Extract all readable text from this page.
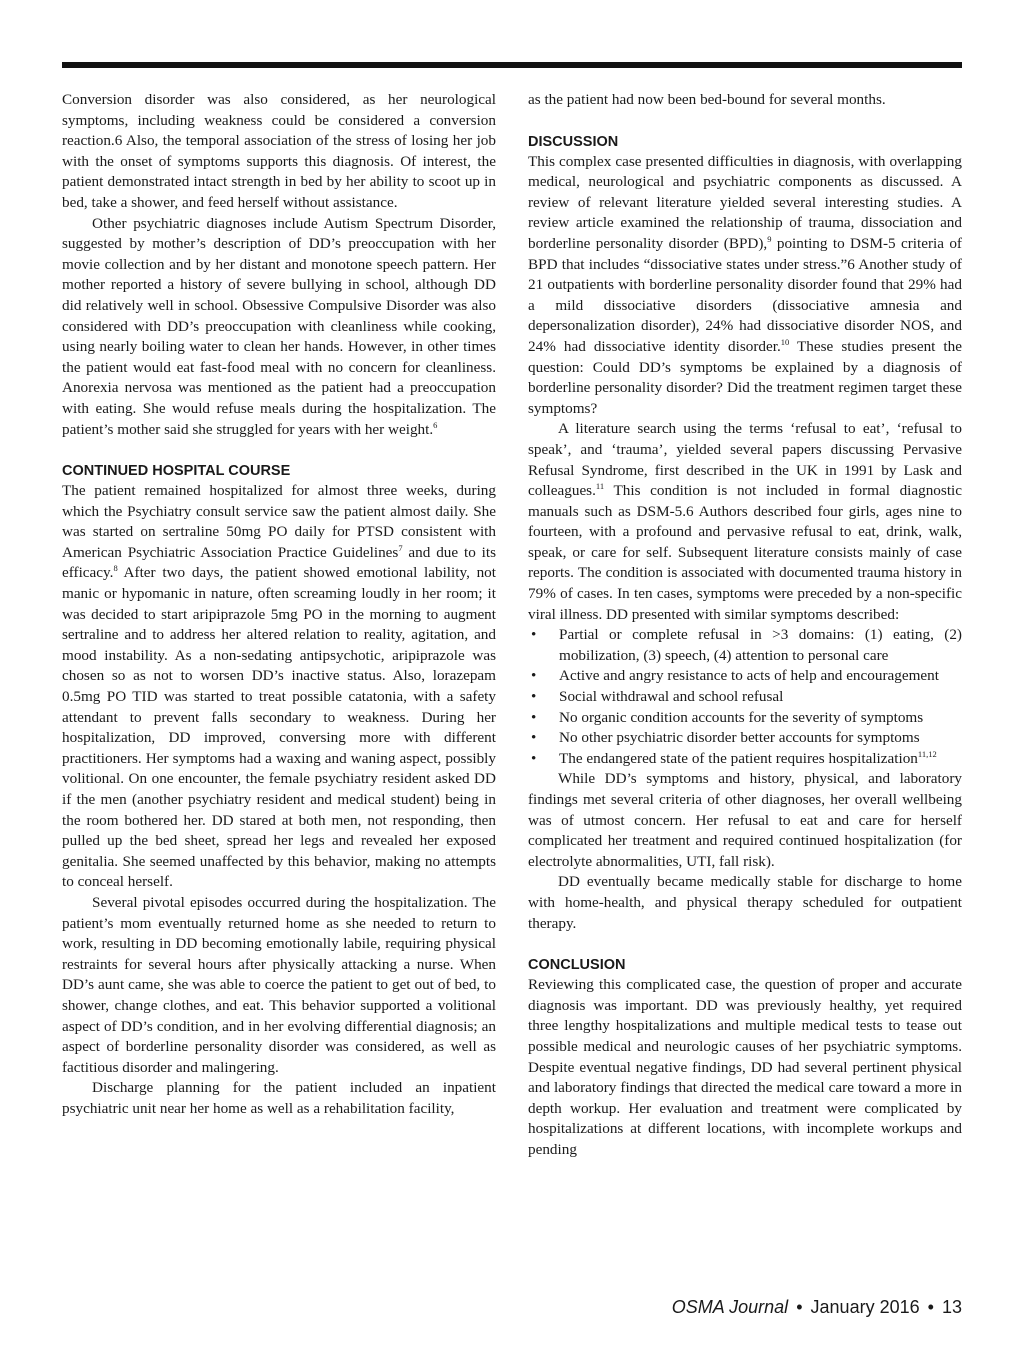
Conversion disorder was also considered, as her neurological symptoms, including weakness could be considered a conversion reaction.6 Also, the temporal association of the stress of losing her job with the onset of symptoms supports this diagnosis. Of interest, the patient demonstrated intact strength in bed by her ability to scoot up in bed, take a shower, and feed herself without assistance.

Other psychiatric diagnoses include Autism Spectrum Disorder, suggested by mother’s description of DD’s preoccupation with her movie collection and by her distant and monotone speech pattern. Her mother reported a history of severe bullying in school, although DD did relatively well in school. Obsessive Compulsive Disorder was also considered with DD’s preoccupation with cleanliness while cooking, using nearly boiling water to clean her hands. However, in other times the patient would eat fast-food meal with no concern for cleanliness. Anorexia nervosa was mentioned as the patient had a preoccupation with eating. She would refuse meals during the hospitalization. The patient’s mother said she struggled for years with her weight.$^6$

CONTINUED HOSPITAL COURSE

The patient remained hospitalized for almost three weeks, during which the Psychiatry consult service saw the patient almost daily. She was started on sertraline 50mg PO daily for PTSD consistent with American Psychiatric Association Practice Guidelines$^7$ and due to its efficacy.$^8$ After two days, the patient showed emotional lability, not manic or hypomanic in nature, often screaming loudly in her room; it was decided to start aripiprazole 5mg PO in the morning to augment sertraline and to address her altered relation to reality, agitation, and mood instability. As a non-sedating antipsychotic, aripiprazole was chosen so as not to worsen DD’s inactive status. Also, lorazepam 0.5mg PO TID was started to treat possible catatonia, with a safety attendant to prevent falls secondary to weakness. During her hospitalization, DD improved, conversing more with different practitioners. Her symptoms had a waxing and waning aspect, possibly volitional. On one encounter, the female psychiatry resident asked DD if the men (another psychiatry resident and medical student) being in the room bothered her. DD stared at both men, not responding, then pulled up the bed sheet, spread her legs and revealed her exposed genitalia. She seemed unaffected by this behavior, making no attempts to conceal herself.

Several pivotal episodes occurred during the hospitalization. The patient’s mom eventually returned home as she needed to return to work, resulting in DD becoming emotionally labile, requiring physical restraints for several hours after physically attacking a nurse. When DD’s aunt came, she was able to coerce the patient to get out of bed, to shower, change clothes, and eat. This behavior supported a volitional aspect of DD’s condition, and in her evolving differential diagnosis; an aspect of borderline personality disorder was considered, as well as factitious disorder and malingering.

Discharge planning for the patient included an inpatient psychiatric unit near her home as well as a rehabilitation facility,

as the patient had now been bed-bound for several months.

DISCUSSION

This complex case presented difficulties in diagnosis, with overlapping medical, neurological and psychiatric components as discussed. A review of relevant literature yielded several interesting studies. A review article examined the relationship of trauma, dissociation and borderline personality disorder (BPD),$^9$ pointing to DSM-5 criteria of BPD that includes “dissociative states under stress.”6 Another study of 21 outpatients with borderline personality disorder found that 29% had a mild dissociative disorders (dissociative amnesia and depersonalization disorder), 24% had dissociative disorder NOS, and 24% had dissociative identity disorder.$^{10}$ These studies present the question: Could DD’s symptoms be explained by a diagnosis of borderline personality disorder? Did the treatment regimen target these symptoms?

A literature search using the terms ‘refusal to eat’, ‘refusal to speak’, and ‘trauma’, yielded several papers discussing Pervasive Refusal Syndrome, first described in the UK in 1991 by Lask and colleagues.$^{11}$ This condition is not included in formal diagnostic manuals such as DSM-5.6 Authors described four girls, ages nine to fourteen, with a profound and pervasive refusal to eat, drink, walk, speak, or care for self. Subsequent literature consists mainly of case reports. The condition is associated with documented trauma history in 79% of cases. In ten cases, symptoms were preceded by a non-specific viral illness. DD presented with similar symptoms described:

• Partial or complete refusal in >3 domains: (1) eating, (2) mobilization, (3) speech, (4) attention to personal care
• Active and angry resistance to acts of help and encouragement
• Social withdrawal and school refusal
• No organic condition accounts for the severity of symptoms
• No other psychiatric disorder better accounts for symptoms
• The endangered state of the patient requires hospitalization$^{11,12}$

While DD’s symptoms and history, physical, and laboratory findings met several criteria of other diagnoses, her overall wellbeing was of utmost concern. Her refusal to eat and care for herself complicated her treatment and required continued hospitalization (for electrolyte abnormalities, UTI, fall risk).

DD eventually became medically stable for discharge to home with home-health, and physical therapy scheduled for outpatient therapy.

CONCLUSION

Reviewing this complicated case, the question of proper and accurate diagnosis was important. DD was previously healthy, yet required three lengthy hospitalizations and multiple medical tests to tease out possible medical and neurologic causes of her psychiatric symptoms. Despite eventual negative findings, DD had several pertinent physical and laboratory findings that directed the medical care toward a more in depth workup. Her evaluation and treatment were complicated by hospitalizations at different locations, with incomplete workups and pending

OSMA Journal • January 2016 • 13
